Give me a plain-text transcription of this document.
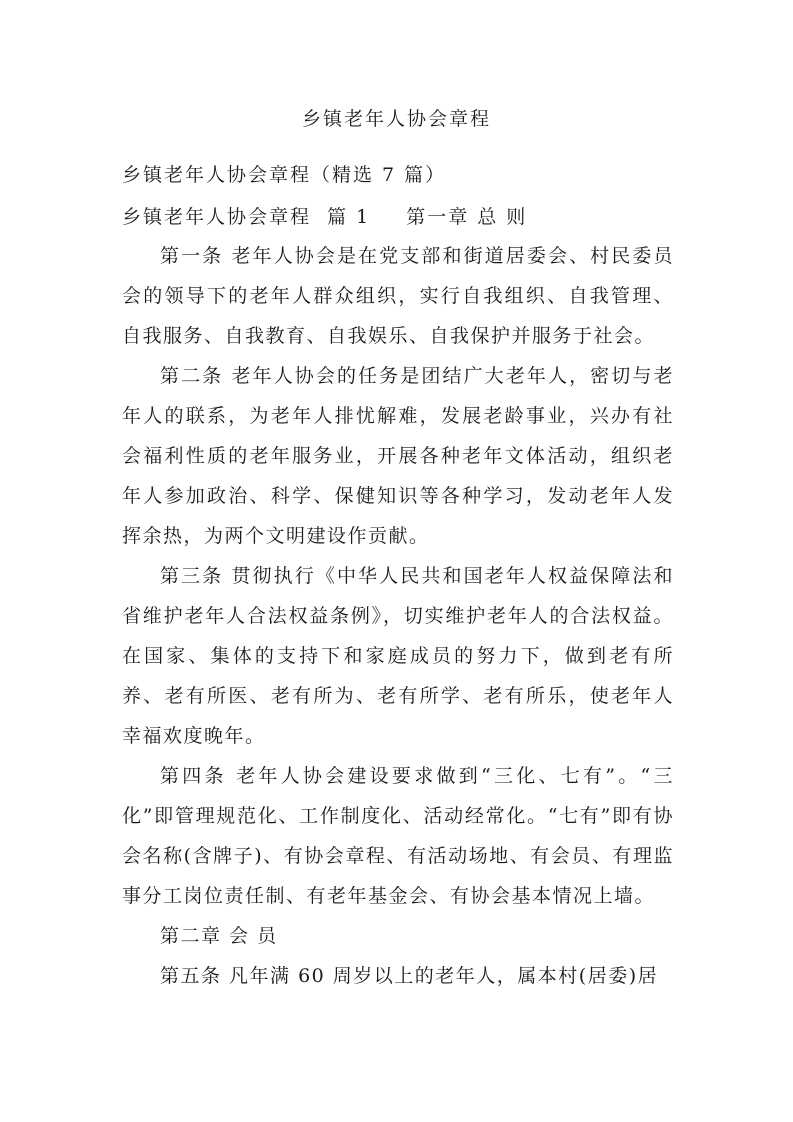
乡镇老年人协会章程
乡镇老年人协会章程（精选 7 篇）
乡镇老年人协会章程  篇 1 第一章 总 则

第一条 老年人协会是在党支部和街道居委会、村民委员会的领导下的老年人群众组织，实行自我组织、自我管理、自我服务、自我教育、自我娱乐、自我保护并服务于社会。

第二条 老年人协会的任务是团结广大老年人，密切与老年人的联系，为老年人排忧解难，发展老龄事业，兴办有社会福利性质的老年服务业，开展各种老年文体活动，组织老年人参加政治、科学、保健知识等各种学习，发动老年人发挥余热，为两个文明建设作贡献。

第三条 贯彻执行《中华人民共和国老年人权益保障法和省维护老年人合法权益条例》，切实维护老年人的合法权益。在国家、集体的支持下和家庭成员的努力下，做到老有所养、老有所医、老有所为、老有所学、老有所乐，使老年人幸福欢度晚年。

第四条 老年人协会建设要求做到“三化、七有”。“三化”即管理规范化、工作制度化、活动经常化。“七有”即有协会名称(含牌子)、有协会章程、有活动场地、有会员、有理监事分工岗位责任制、有老年基金会、有协会基本情况上墙。

第二章 会 员

第五条 凡年满 60 周岁以上的老年人，属本村(居委)居
